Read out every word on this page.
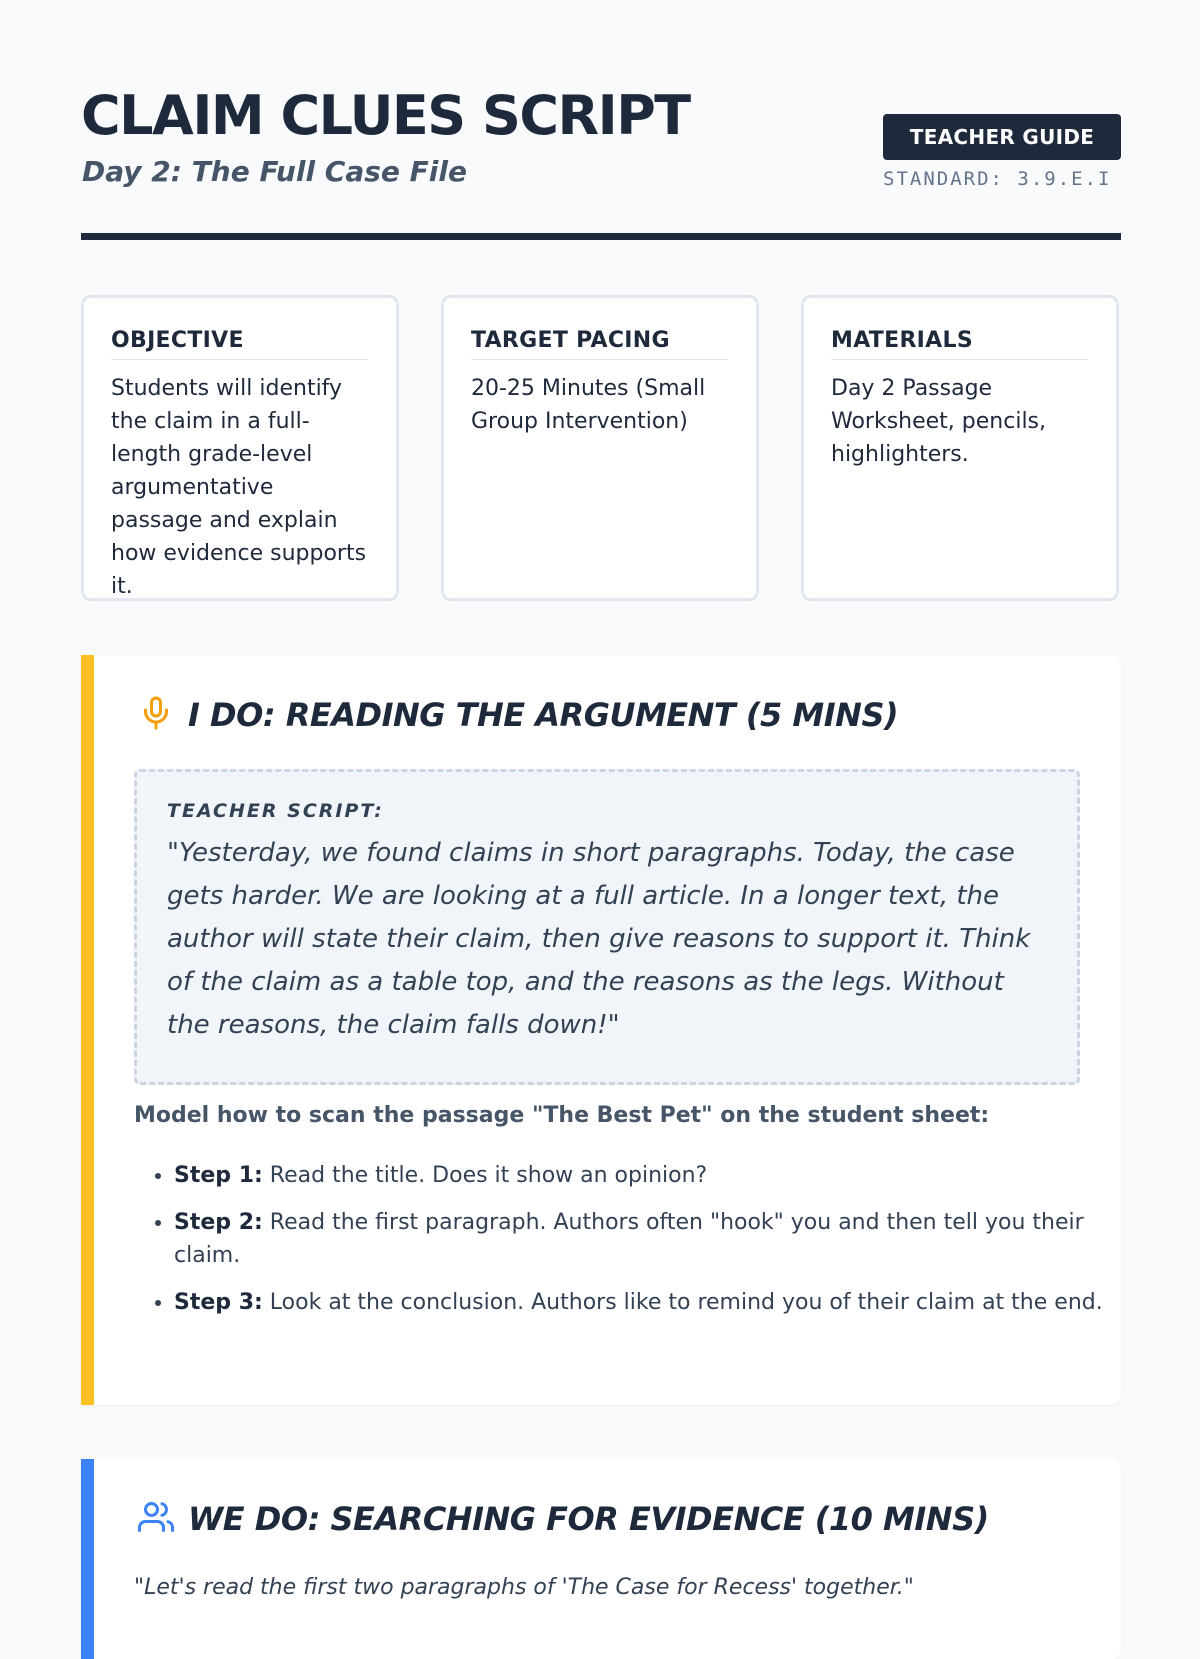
CLAIM CLUES SCRIPT
Day 2: The Full Case File
TEACHER GUIDE
STANDARD: 3.9.E.I
OBJECTIVE

Students will identify the claim in a full-length grade-level argumentative passage and explain how evidence supports it.

TARGET PACING

20-25 Minutes (Small Group Intervention)

MATERIALS

Day 2 Passage Worksheet, pencils, highlighters.

I DO: READING THE ARGUMENT (5 MINS)
TEACHER SCRIPT:

"Yesterday, we found claims in short paragraphs. Today, the case gets harder. We are looking at a full article. In a longer text, the author will state their claim, then give reasons to support it. Think of the claim as a table top, and the reasons as the legs. Without the reasons, the claim falls down!"

Model how to scan the passage "The Best Pet" on the student sheet:

• Step 1: Read the title. Does it show an opinion?
• Step 2: Read the first paragraph. Authors often "hook" you and then tell you their claim.
• Step 3: Look at the conclusion. Authors like to remind you of their claim at the end.
WE DO: SEARCHING FOR EVIDENCE (10 MINS)

"Let's read the first two paragraphs of 'The Case for Recess' together."
